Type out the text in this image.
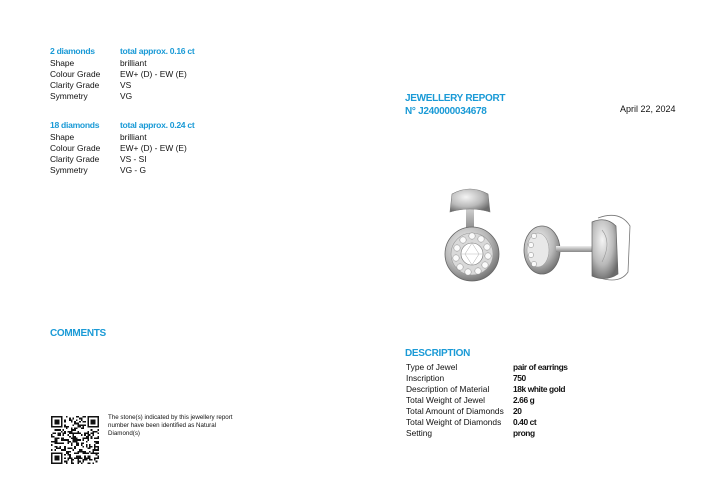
2 diamonds	total approx. 0.16 ct
Shape	brilliant
Colour Grade	EW+ (D) - EW (E)
Clarity Grade	VS
Symmetry	VG
18 diamonds	total approx. 0.24 ct
Shape	brilliant
Colour Grade	EW+ (D) - EW (E)
Clarity Grade	VS - SI
Symmetry	VG - G
COMMENTS
The stone(s) indicated by this jewellery report number have been identified as Natural Diamond(s)
JEWELLERY REPORT
N° J240000034678	April 22, 2024
DESCRIPTION
Type of Jewel	pair of earrings
Inscription	750
Description of Material	18k white gold
Total Weight of Jewel	2.66 g
Total Amount of Diamonds	20
Total Weight of Diamonds	0.40 ct
Setting	prong
